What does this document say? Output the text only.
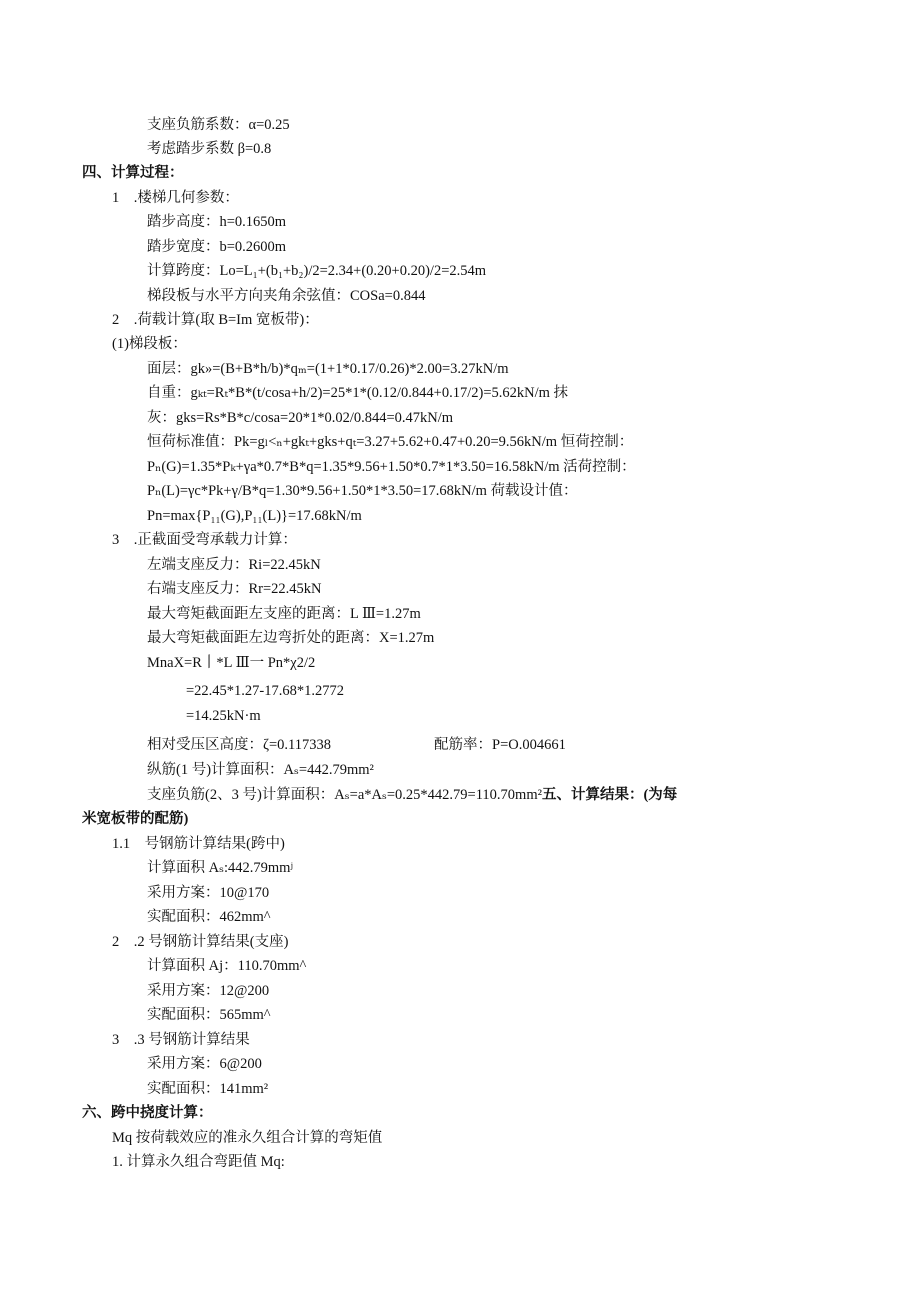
支座负筋系数：α=0.25
考虑踏步系数 β=0.8
四、计算过程：
1　.楼梯几何参数：
踏步高度：h=0.1650m
踏步宽度：b=0.2600m
计算跨度：Lo=L₁+(b₁+b₂)/2=2.34+(0.20+0.20)/2=2.54m
梯段板与水平方向夹角余弦值：COSa=0.844
2　.荷载计算(取 B=Im 宽板带)：
(1)梯段板：
面层：gk»=(B+B*h/b)*qₘ=(1+1*0.17/0.26)*2.00=3.27kN/m
自重：gₖₜ=Rₜ*B*(t/cosa+h/2)=25*1*(0.12/0.844+0.17/2)=5.62kN/m 抹
灰：gks=Rs*B*c/cosa=20*1*0.02/0.844=0.47kN/m
恒荷标准值：Pk=gₗ<ₙ+gkₜ+gks+qₜ=3.27+5.62+0.47+0.20=9.56kN/m 恒荷控制：
Pₙ(G)=1.35*Pₖ+γa*0.7*B*q=1.35*9.56+1.50*0.7*1*3.50=16.58kN/m 活荷控制：
Pₙ(L)=γc*Pk+γ/B*q=1.30*9.56+1.50*1*3.50=17.68kN/m 荷载设计值：
Pn=max{P₁₁(G),P₁₁(L)}=17.68kN/m
3　.正截面受弯承载力计算：
左端支座反力：Ri=22.45kN
右端支座反力：Rr=22.45kN
最大弯矩截面距左支座的距离：L Ⅲ=1.27m
最大弯矩截面距左边弯折处的距离：X=1.27m
MnaX=R丨*L Ⅲ一 Pn*χ2/2
=22.45*1.27-17.68*1.2772
=14.25kN·m
相对受压区高度：ζ=0.117338	配筋率：P=O.004661
纵筋(1 号)计算面积：Aₛ=442.79mm²
支座负筋(2、3 号)计算面积：Aₛ=a*Aₛ=0.25*442.79=110.70mm²五、计算结果：(为每
米宽板带的配筋)
1.1　号钢筋计算结果(跨中)
计算面积 Aₛ:442.79mmʲ
采用方案：10@170
实配面积：462mm^
2　.2 号钢筋计算结果(支座)
计算面积 Aj：110.70mm^
采用方案：12@200
实配面积：565mm^
3　.3 号钢筋计算结果
采用方案：6@200
实配面积：141mm²
六、跨中挠度计算：
Mq 按荷载效应的准永久组合计算的弯矩值
1. 计算永久组合弯距值 Mq:
